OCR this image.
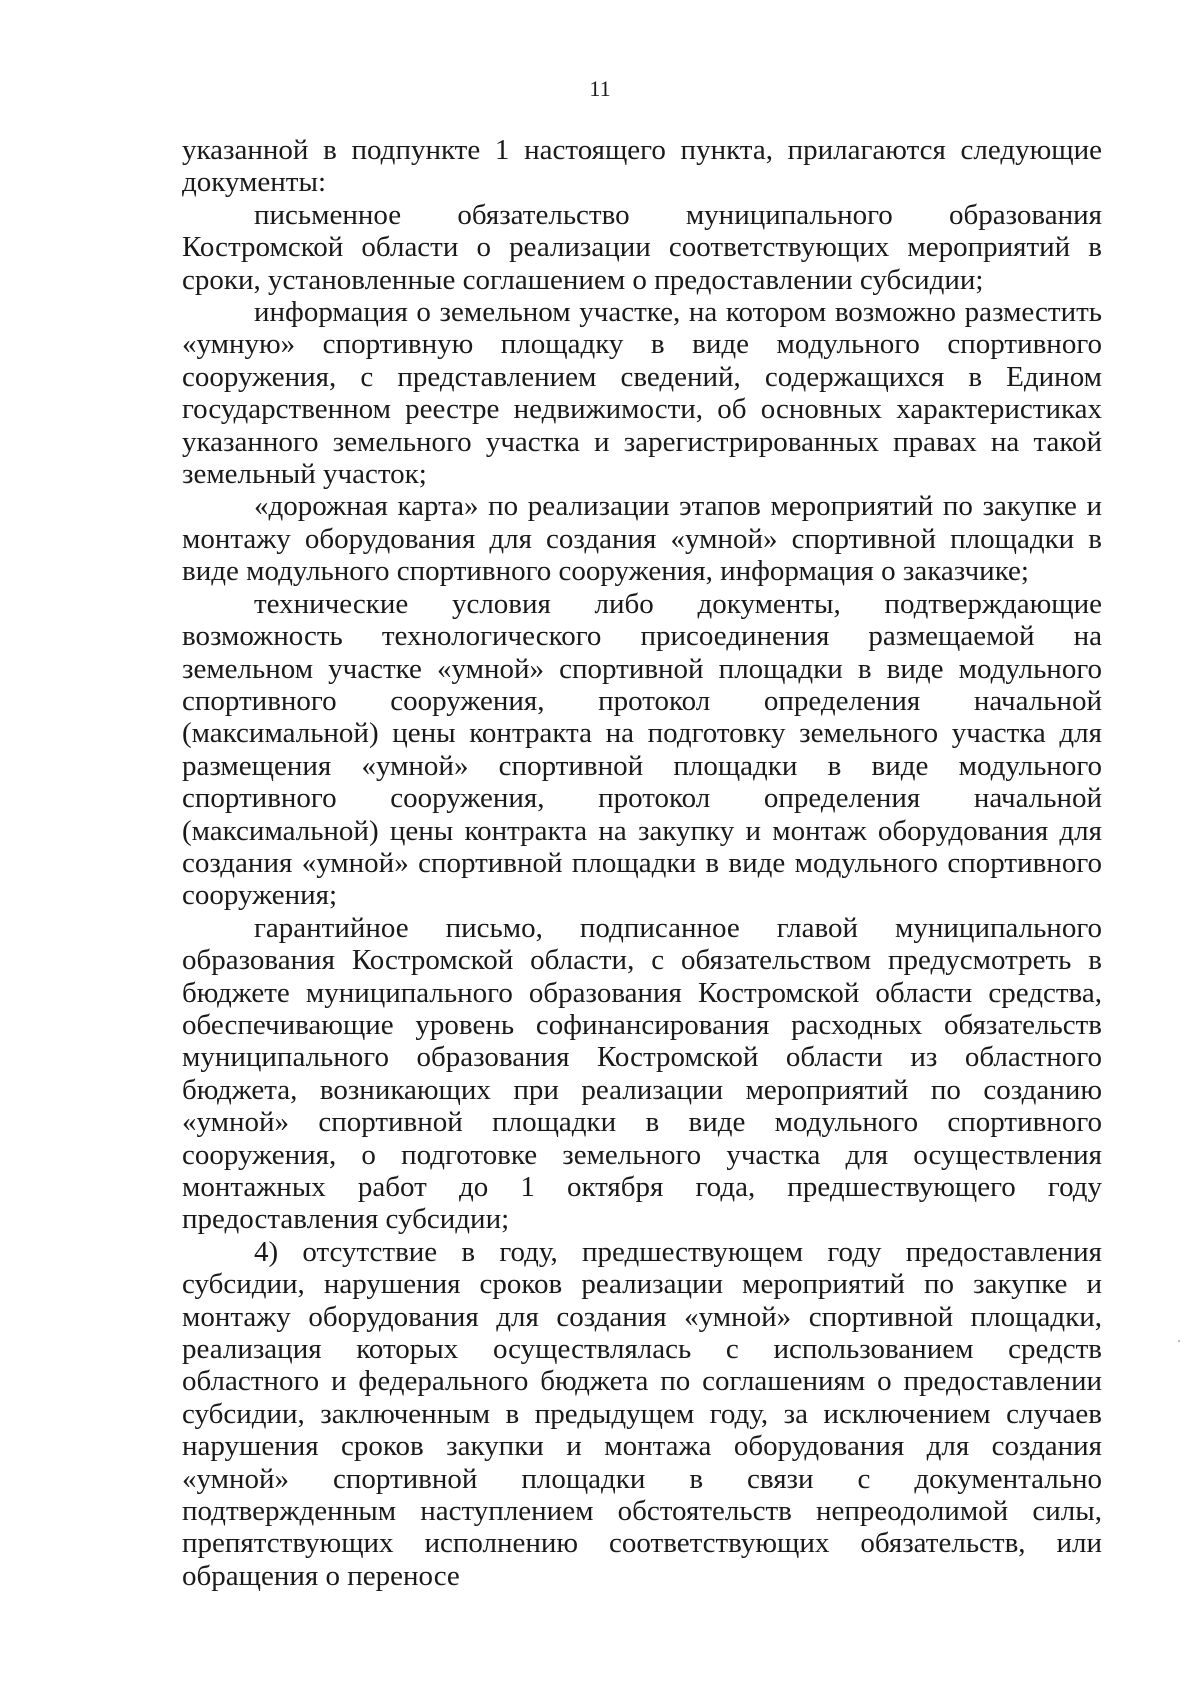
11

указанной в подпункте 1 настоящего пункта, прилагаются следующие документы:

письменное обязательство муниципального образования Костромской области о реализации соответствующих мероприятий в сроки, установленные соглашением о предоставлении субсидии;

информация о земельном участке, на котором возможно разместить «умную» спортивную площадку в виде модульного спортивного сооружения, с представлением сведений, содержащихся в Едином государственном реестре недвижимости, об основных характеристиках указанного земельного участка и зарегистрированных правах на такой земельный участок;

«дорожная карта» по реализации этапов мероприятий по закупке и монтажу оборудования для создания «умной» спортивной площадки в виде модульного спортивного сооружения, информация о заказчике;

технические условия либо документы, подтверждающие возможность технологического присоединения размещаемой на земельном участке «умной» спортивной площадки в виде модульного спортивного сооружения, протокол определения начальной (максимальной) цены контракта на подготовку земельного участка для размещения «умной» спортивной площадки в виде модульного спортивного сооружения, протокол определения начальной (максимальной) цены контракта на закупку и монтаж оборудования для создания «умной» спортивной площадки в виде модульного спортивного сооружения;

гарантийное письмо, подписанное главой муниципального образования Костромской области, с обязательством предусмотреть в бюджете муниципального образования Костромской области средства, обеспечивающие уровень софинансирования расходных обязательств муниципального образования Костромской области из областного бюджета, возникающих при реализации мероприятий по созданию «умной» спортивной площадки в виде модульного спортивного сооружения, о подготовке земельного участка для осуществления монтажных работ до 1 октября года, предшествующего году предоставления субсидии;

4) отсутствие в году, предшествующем году предоставления субсидии, нарушения сроков реализации мероприятий по закупке и монтажу оборудования для создания «умной» спортивной площадки, реализация которых осуществлялась с использованием средств областного и федерального бюджета по соглашениям о предоставлении субсидии, заключенным в предыдущем году, за исключением случаев нарушения сроков закупки и монтажа оборудования для создания «умной» спортивной площадки в связи с документально подтвержденным наступлением обстоятельств непреодолимой силы, препятствующих исполнению соответствующих обязательств, или обращения о переносе
